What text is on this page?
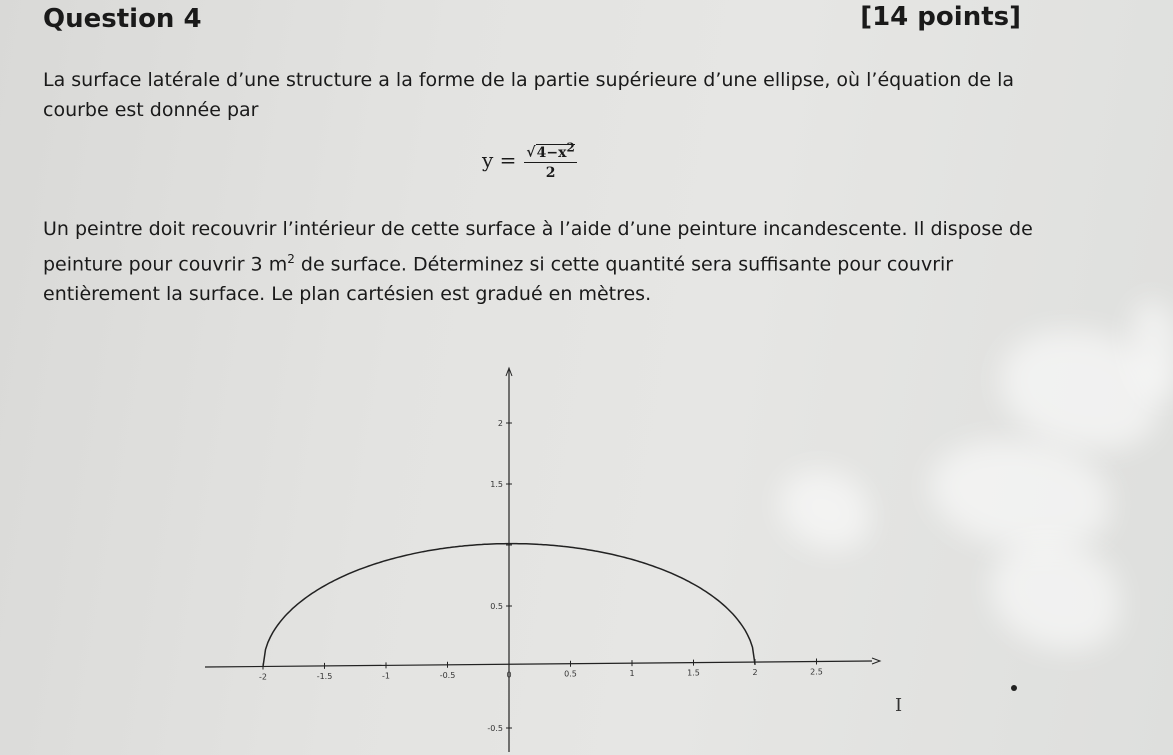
Question 4	[14 points]
La surface latérale d’une structure a la forme de la partie supérieure d’une ellipse, où l’équation de la courbe est donnée par
$y = \frac{√4-x^2}{2}$
Un peintre doit recouvrir l’intérieur de cette surface à l’aide d’une peinture incandescente. Il dispose de peinture pour couvrir 3 $m^2$ de surface. Déterminez si cette quantité sera suffisante pour couvrir entièrement la surface. Le plan cartésien est gradué en mètres.
-2	-1.5	-1	-0.5	0	0.5	1	1.5	2	2.5
2
1.5
0.5
-0.5
I
